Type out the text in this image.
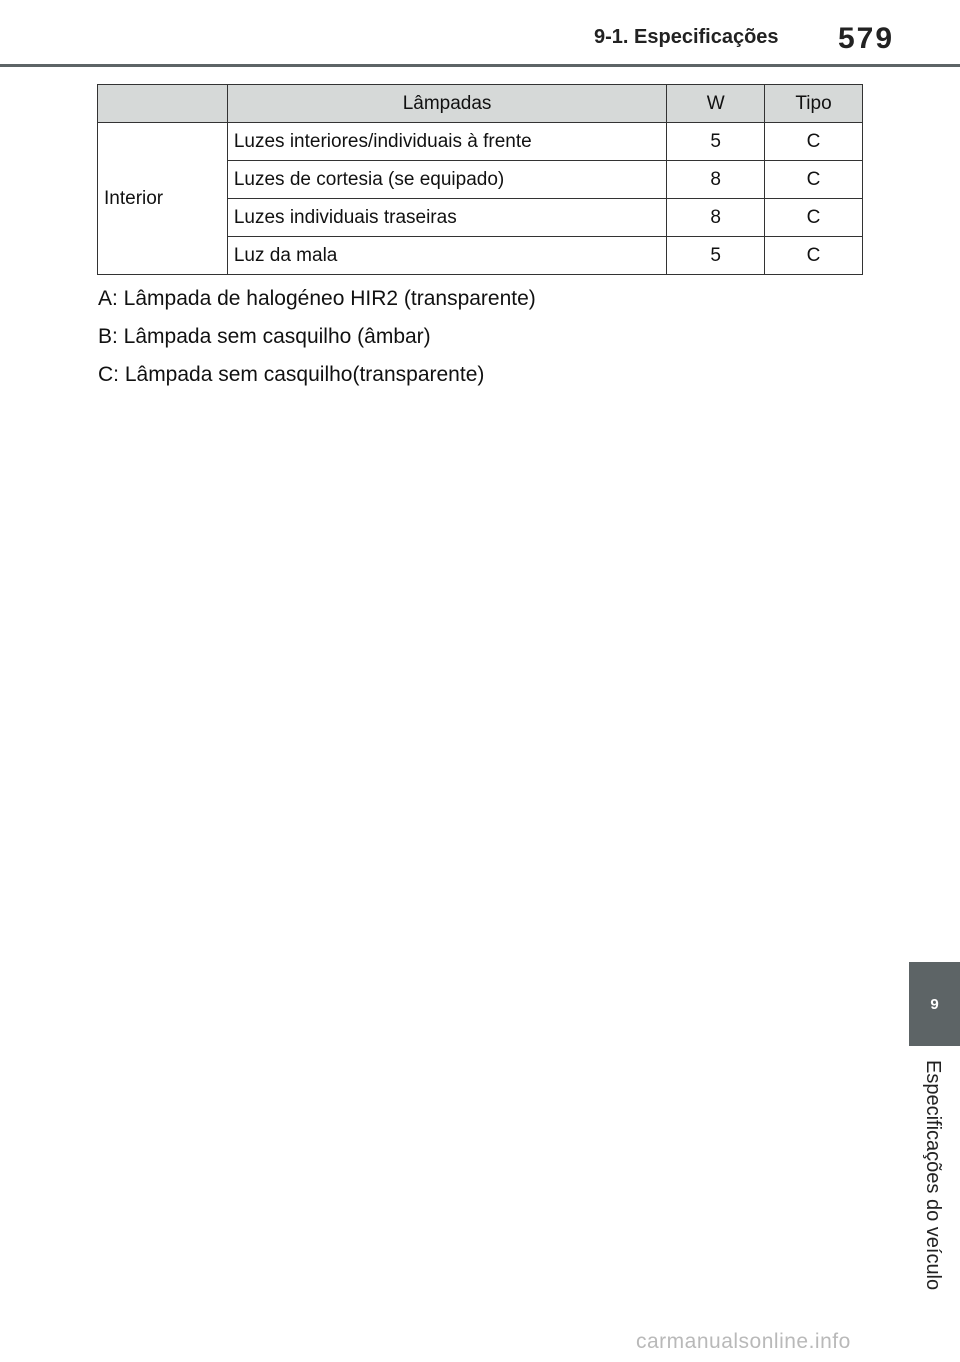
9-1. Especificações 579
	Lâmpadas	W	Tipo
Interior	Luzes interiores/individuais à frente	5	C
	Luzes de cortesia (se equipado)	8	C
	Luzes individuais traseiras	8	C
	Luz da mala	5	C

A: Lâmpada de halogéneo HIR2 (transparente)

B: Lâmpada sem casquilho (âmbar)

C: Lâmpada sem casquilho(transparente)

9
Especificações do veículo
carmanualsonline.info
